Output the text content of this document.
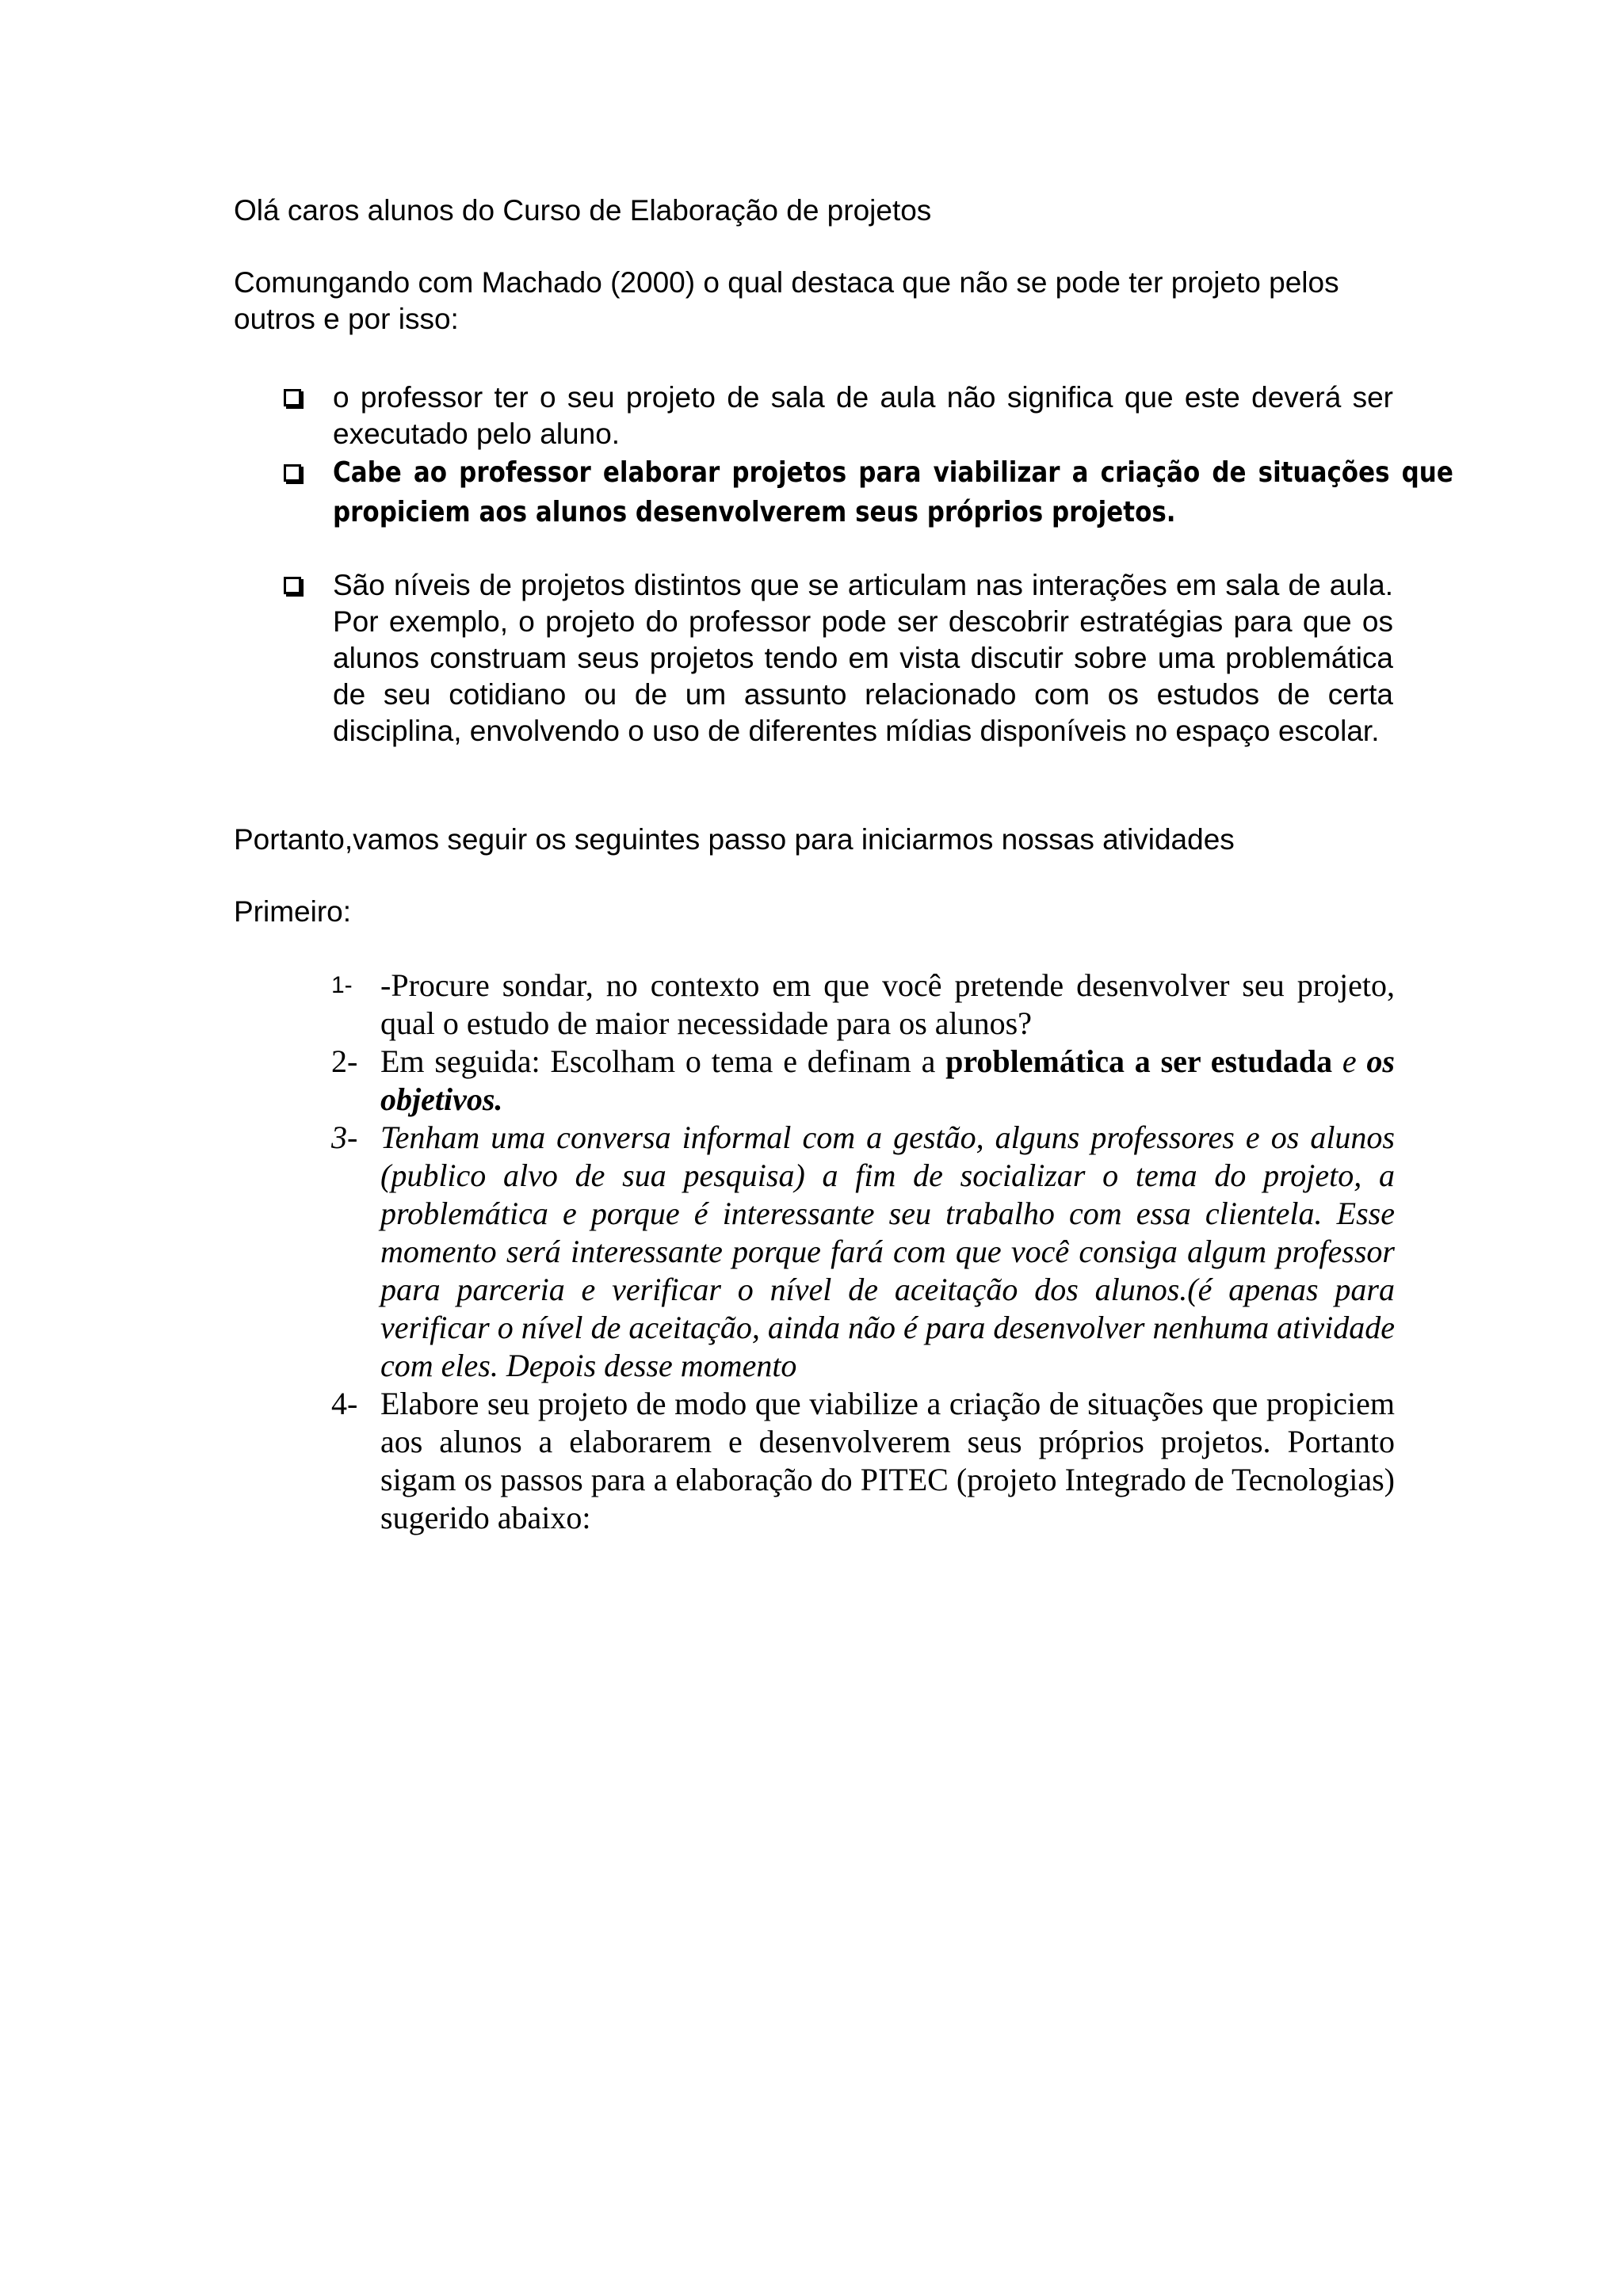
Olá caros alunos do Curso de Elaboração de projetos

Comungando com Machado (2000) o qual destaca que não se pode ter projeto pelos outros e por isso:

o professor ter o seu projeto de sala de aula não significa que este deverá ser executado pelo aluno.

Cabe ao professor elaborar projetos para viabilizar a criação de situações que propiciem aos alunos desenvolverem seus próprios projetos.

São níveis de projetos distintos que se articulam nas interações em sala de aula. Por exemplo, o projeto do professor pode ser descobrir estratégias para que os alunos construam seus projetos tendo em vista discutir sobre uma problemática de seu cotidiano ou de um assunto relacionado com os estudos de certa disciplina, envolvendo o uso de diferentes mídias disponíveis no espaço escolar.

Portanto,vamos seguir os seguintes passo para iniciarmos nossas atividades

Primeiro:

1- -Procure sondar, no contexto em que você pretende desenvolver seu projeto, qual o estudo de maior necessidade para os alunos?

2- Em seguida: Escolham o tema e definam a problemática a ser estudada e os objetivos.

3- Tenham uma conversa informal com a gestão, alguns professores e os alunos (publico alvo de sua pesquisa) a fim de socializar o tema do projeto, a problemática e porque é interessante seu trabalho com essa clientela. Esse momento será interessante porque fará com que você consiga algum professor para parceria e verificar o nível de aceitação dos alunos.(é apenas para verificar o nível de aceitação, ainda não é para desenvolver nenhuma atividade com eles. Depois desse momento

4- Elabore seu projeto de modo que viabilize a criação de situações que propiciem aos alunos a elaborarem e desenvolverem seus próprios projetos. Portanto sigam os passos para a elaboração do PITEC (projeto Integrado de Tecnologias) sugerido abaixo:
